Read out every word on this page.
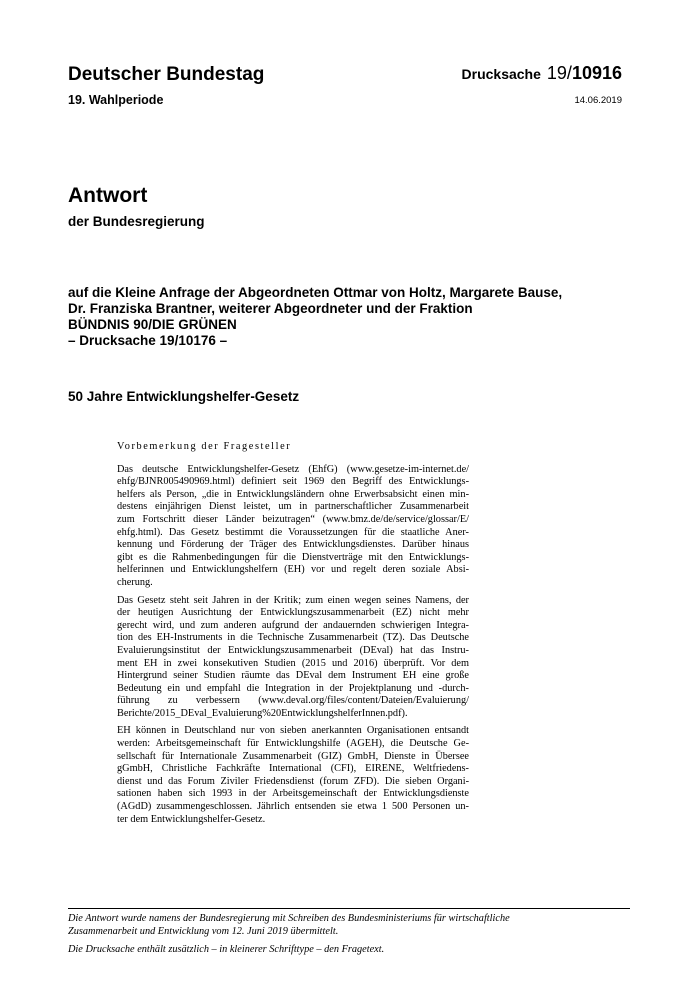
Deutscher Bundestag
19. Wahlperiode
Drucksache 19/10916
14.06.2019
Antwort
der Bundesregierung
auf die Kleine Anfrage der Abgeordneten Ottmar von Holtz, Margarete Bause,
Dr. Franziska Brantner, weiterer Abgeordneter und der Fraktion
BÜNDNIS 90/DIE GRÜNEN
– Drucksache 19/10176 –
50 Jahre Entwicklungshelfer-Gesetz
Vorbemerkung der Fragesteller
Das deutsche Entwicklungshelfer-Gesetz (EhfG) (www.gesetze-im-internet.de/
ehfg/BJNR005490969.html) definiert seit 1969 den Begriff des Entwicklungs-
helfers als Person, „die in Entwicklungsländern ohne Erwerbsabsicht einen min-
destens einjährigen Dienst leistet, um in partnerschaftlicher Zusammenarbeit
zum Fortschritt dieser Länder beizutragen“ (www.bmz.de/de/service/glossar/E/
ehfg.html). Das Gesetz bestimmt die Voraussetzungen für die staatliche Aner-
kennung und Förderung der Träger des Entwicklungsdienstes. Darüber hinaus
gibt es die Rahmenbedingungen für die Dienstverträge mit den Entwicklungs-
helferinnen und Entwicklungshelfern (EH) vor und regelt deren soziale Absi-
cherung.
Das Gesetz steht seit Jahren in der Kritik; zum einen wegen seines Namens, der
der heutigen Ausrichtung der Entwicklungszusammenarbeit (EZ) nicht mehr
gerecht wird, und zum anderen aufgrund der andauernden schwierigen Integra-
tion des EH-Instruments in die Technische Zusammenarbeit (TZ). Das Deutsche
Evaluierungsinstitut der Entwicklungszusammenarbeit (DEval) hat das Instru-
ment EH in zwei konsekutiven Studien (2015 und 2016) überprüft. Vor dem
Hintergrund seiner Studien räumte das DEval dem Instrument EH eine große
Bedeutung ein und empfahl die Integration in der Projektplanung und -durch-
führung zu verbessern (www.deval.org/files/content/Dateien/Evaluierung/
Berichte/2015_DEval_Evaluierung%20EntwicklungshelferInnen.pdf).
EH können in Deutschland nur von sieben anerkannten Organisationen entsandt
werden: Arbeitsgemeinschaft für Entwicklungshilfe (AGEH), die Deutsche Ge-
sellschaft für Internationale Zusammenarbeit (GIZ) GmbH, Dienste in Übersee
gGmbH, Christliche Fachkräfte International (CFI), EIRENE, Weltfriedens-
dienst und das Forum Ziviler Friedensdienst (forum ZFD). Die sieben Organi-
sationen haben sich 1993 in der Arbeitsgemeinschaft der Entwicklungsdienste
(AGdD) zusammengeschlossen. Jährlich entsenden sie etwa 1 500 Personen un-
ter dem Entwicklungshelfer-Gesetz.
Die Antwort wurde namens der Bundesregierung mit Schreiben des Bundesministeriums für wirtschaftliche
Zusammenarbeit und Entwicklung vom 12. Juni 2019 übermittelt.
Die Drucksache enthält zusätzlich – in kleinerer Schrifttype – den Fragetext.
